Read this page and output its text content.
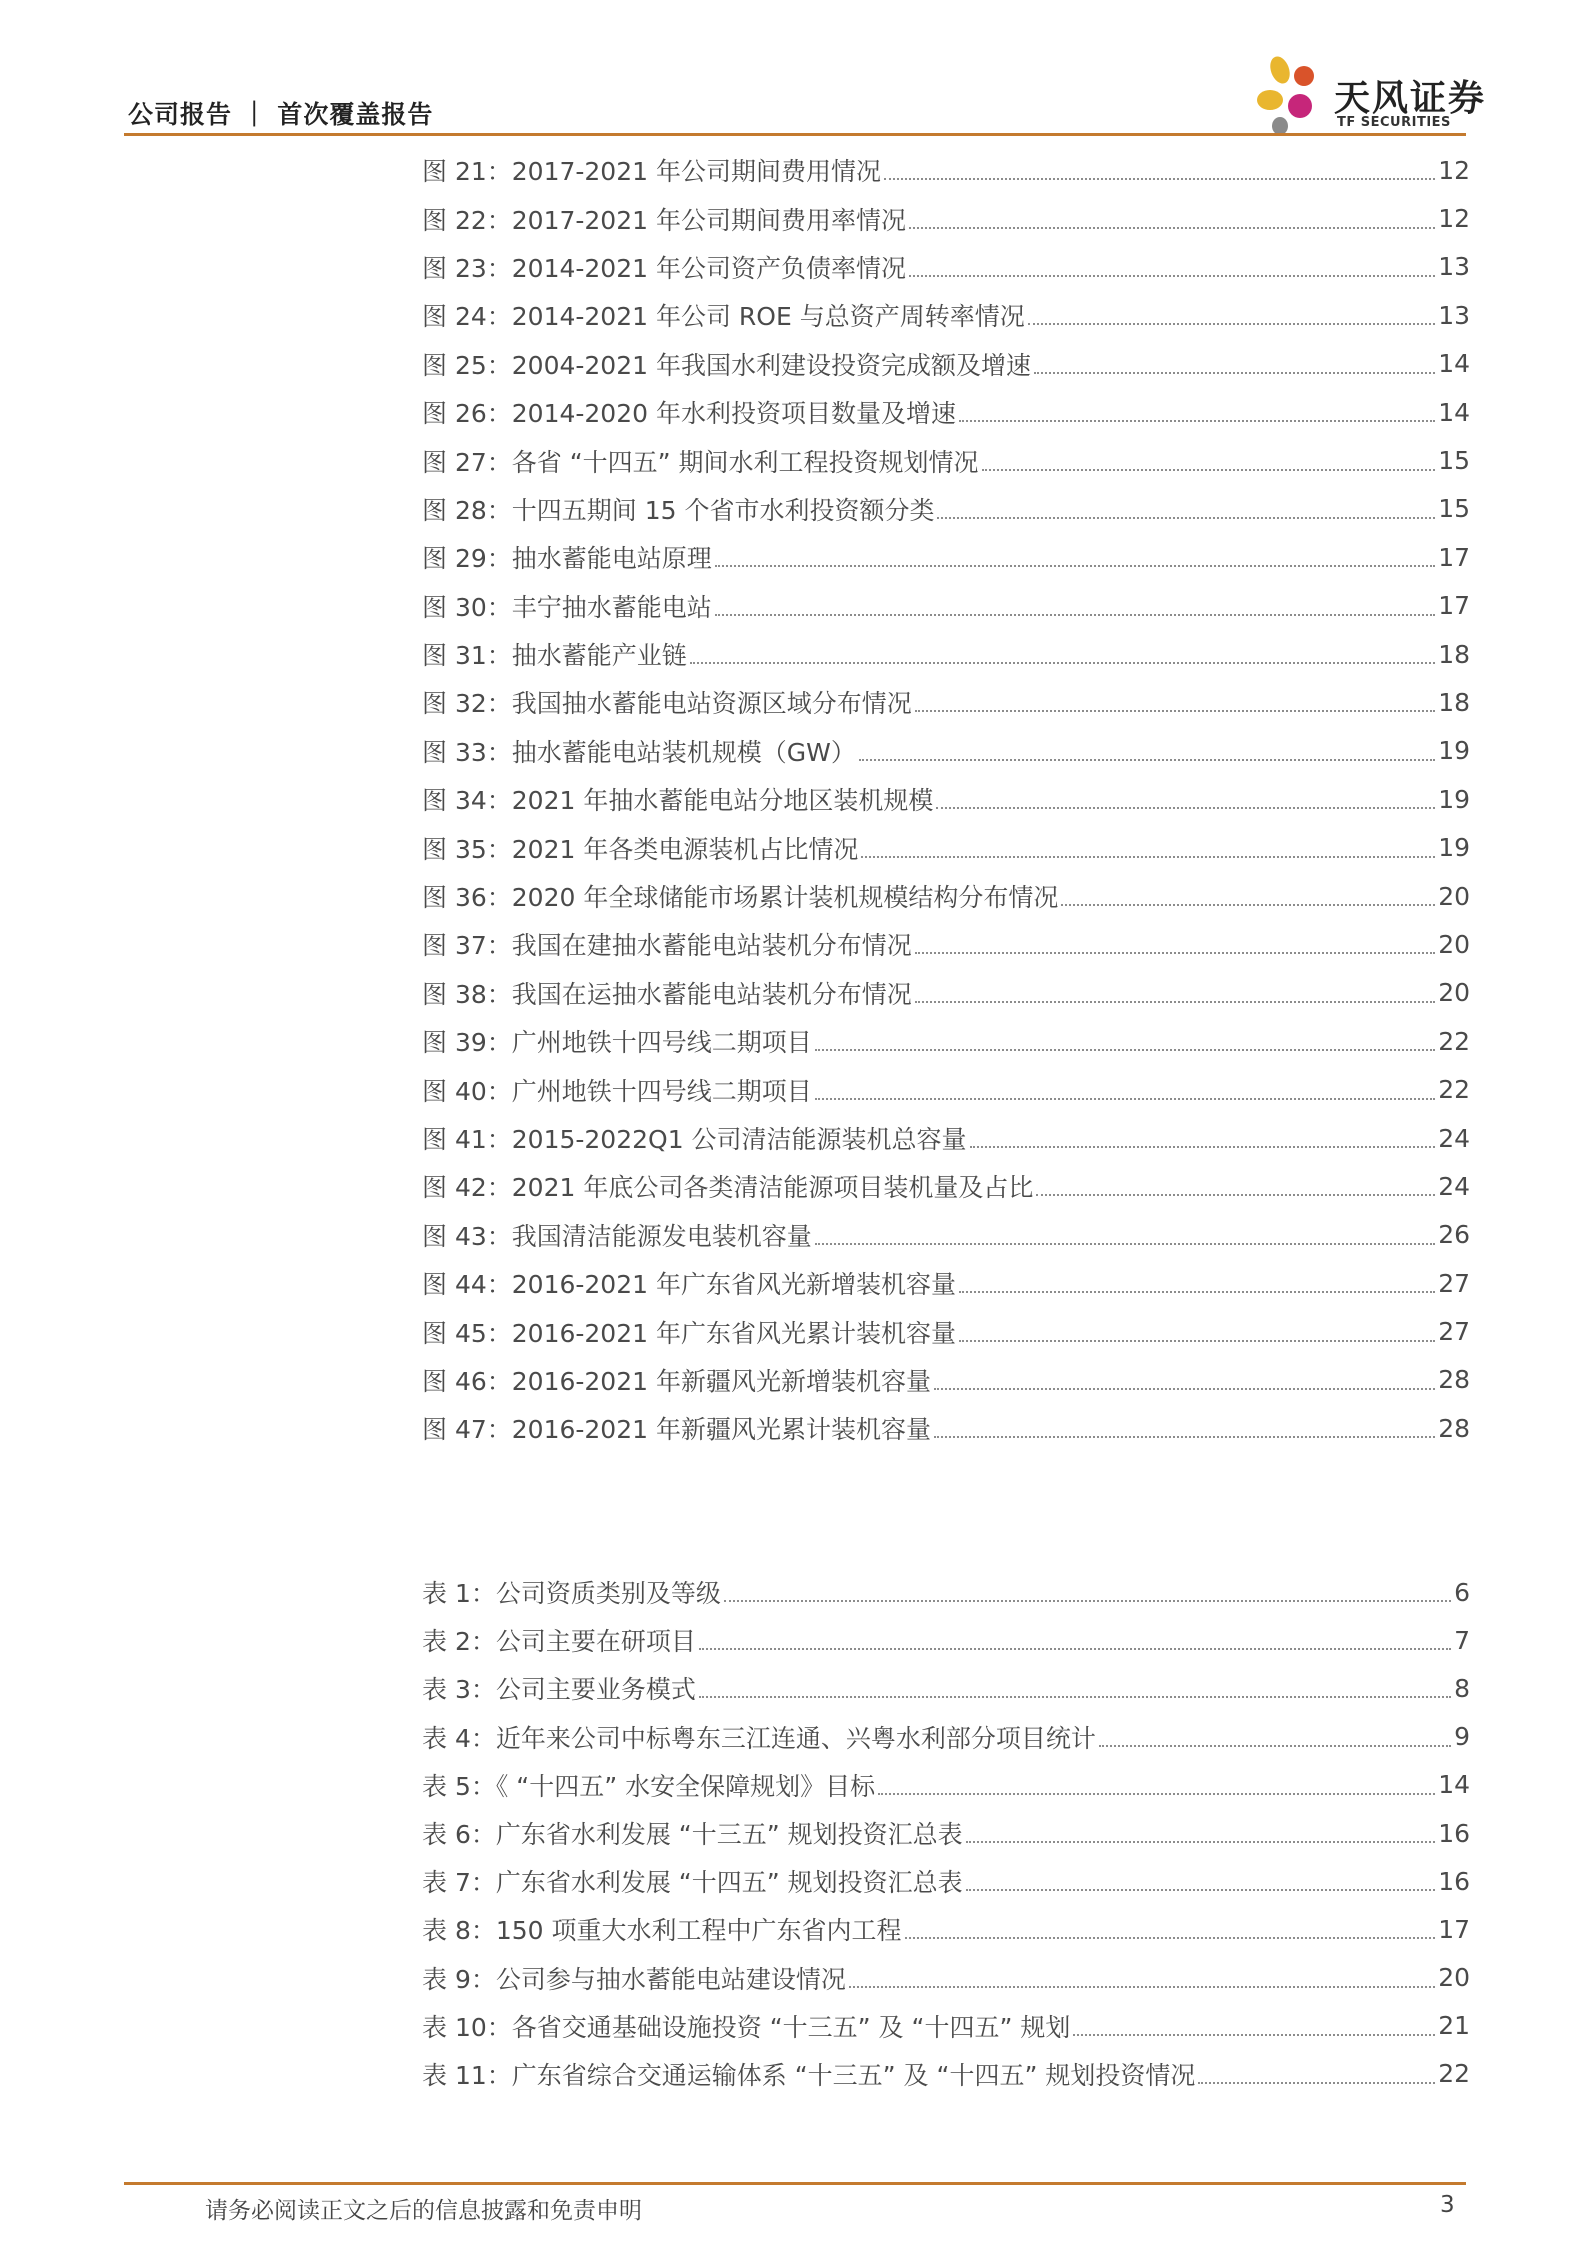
公司报告 ｜ 首次覆盖报告	天风证券
TF SECURITIES
图 21：2017-2021 年公司期间费用情况	12
图 22：2017-2021 年公司期间费用率情况	12
图 23：2014-2021 年公司资产负债率情况	13
图 24：2014-2021 年公司 ROE 与总资产周转率情况	13
图 25：2004-2021 年我国水利建设投资完成额及增速	14
图 26：2014-2020 年水利投资项目数量及增速	14
图 27：各省 “十四五” 期间水利工程投资规划情况	15
图 28：十四五期间 15 个省市水利投资额分类	15
图 29：抽水蓄能电站原理	17
图 30：丰宁抽水蓄能电站	17
图 31：抽水蓄能产业链	18
图 32：我国抽水蓄能电站资源区域分布情况	18
图 33：抽水蓄能电站装机规模（GW）	19
图 34：2021 年抽水蓄能电站分地区装机规模	19
图 35：2021 年各类电源装机占比情况	19
图 36：2020 年全球储能市场累计装机规模结构分布情况	20
图 37：我国在建抽水蓄能电站装机分布情况	20
图 38：我国在运抽水蓄能电站装机分布情况	20
图 39：广州地铁十四号线二期项目	22
图 40：广州地铁十四号线二期项目	22
图 41：2015-2022Q1 公司清洁能源装机总容量	24
图 42：2021 年底公司各类清洁能源项目装机量及占比	24
图 43：我国清洁能源发电装机容量	26
图 44：2016-2021 年广东省风光新增装机容量	27
图 45：2016-2021 年广东省风光累计装机容量	27
图 46：2016-2021 年新疆风光新增装机容量	28
图 47：2016-2021 年新疆风光累计装机容量	28
表 1：公司资质类别及等级	6
表 2：公司主要在研项目	7
表 3：公司主要业务模式	8
表 4：近年来公司中标粤东三江连通、兴粤水利部分项目统计	9
表 5：《 “十四五” 水安全保障规划》目标	14
表 6：广东省水利发展 “十三五” 规划投资汇总表	16
表 7：广东省水利发展 “十四五” 规划投资汇总表	16
表 8：150 项重大水利工程中广东省内工程	17
表 9：公司参与抽水蓄能电站建设情况	20
表 10：各省交通基础设施投资 “十三五” 及 “十四五” 规划	21
表 11：广东省综合交通运输体系 “十三五” 及 “十四五” 规划投资情况	22
请务必阅读正文之后的信息披露和免责申明	3
